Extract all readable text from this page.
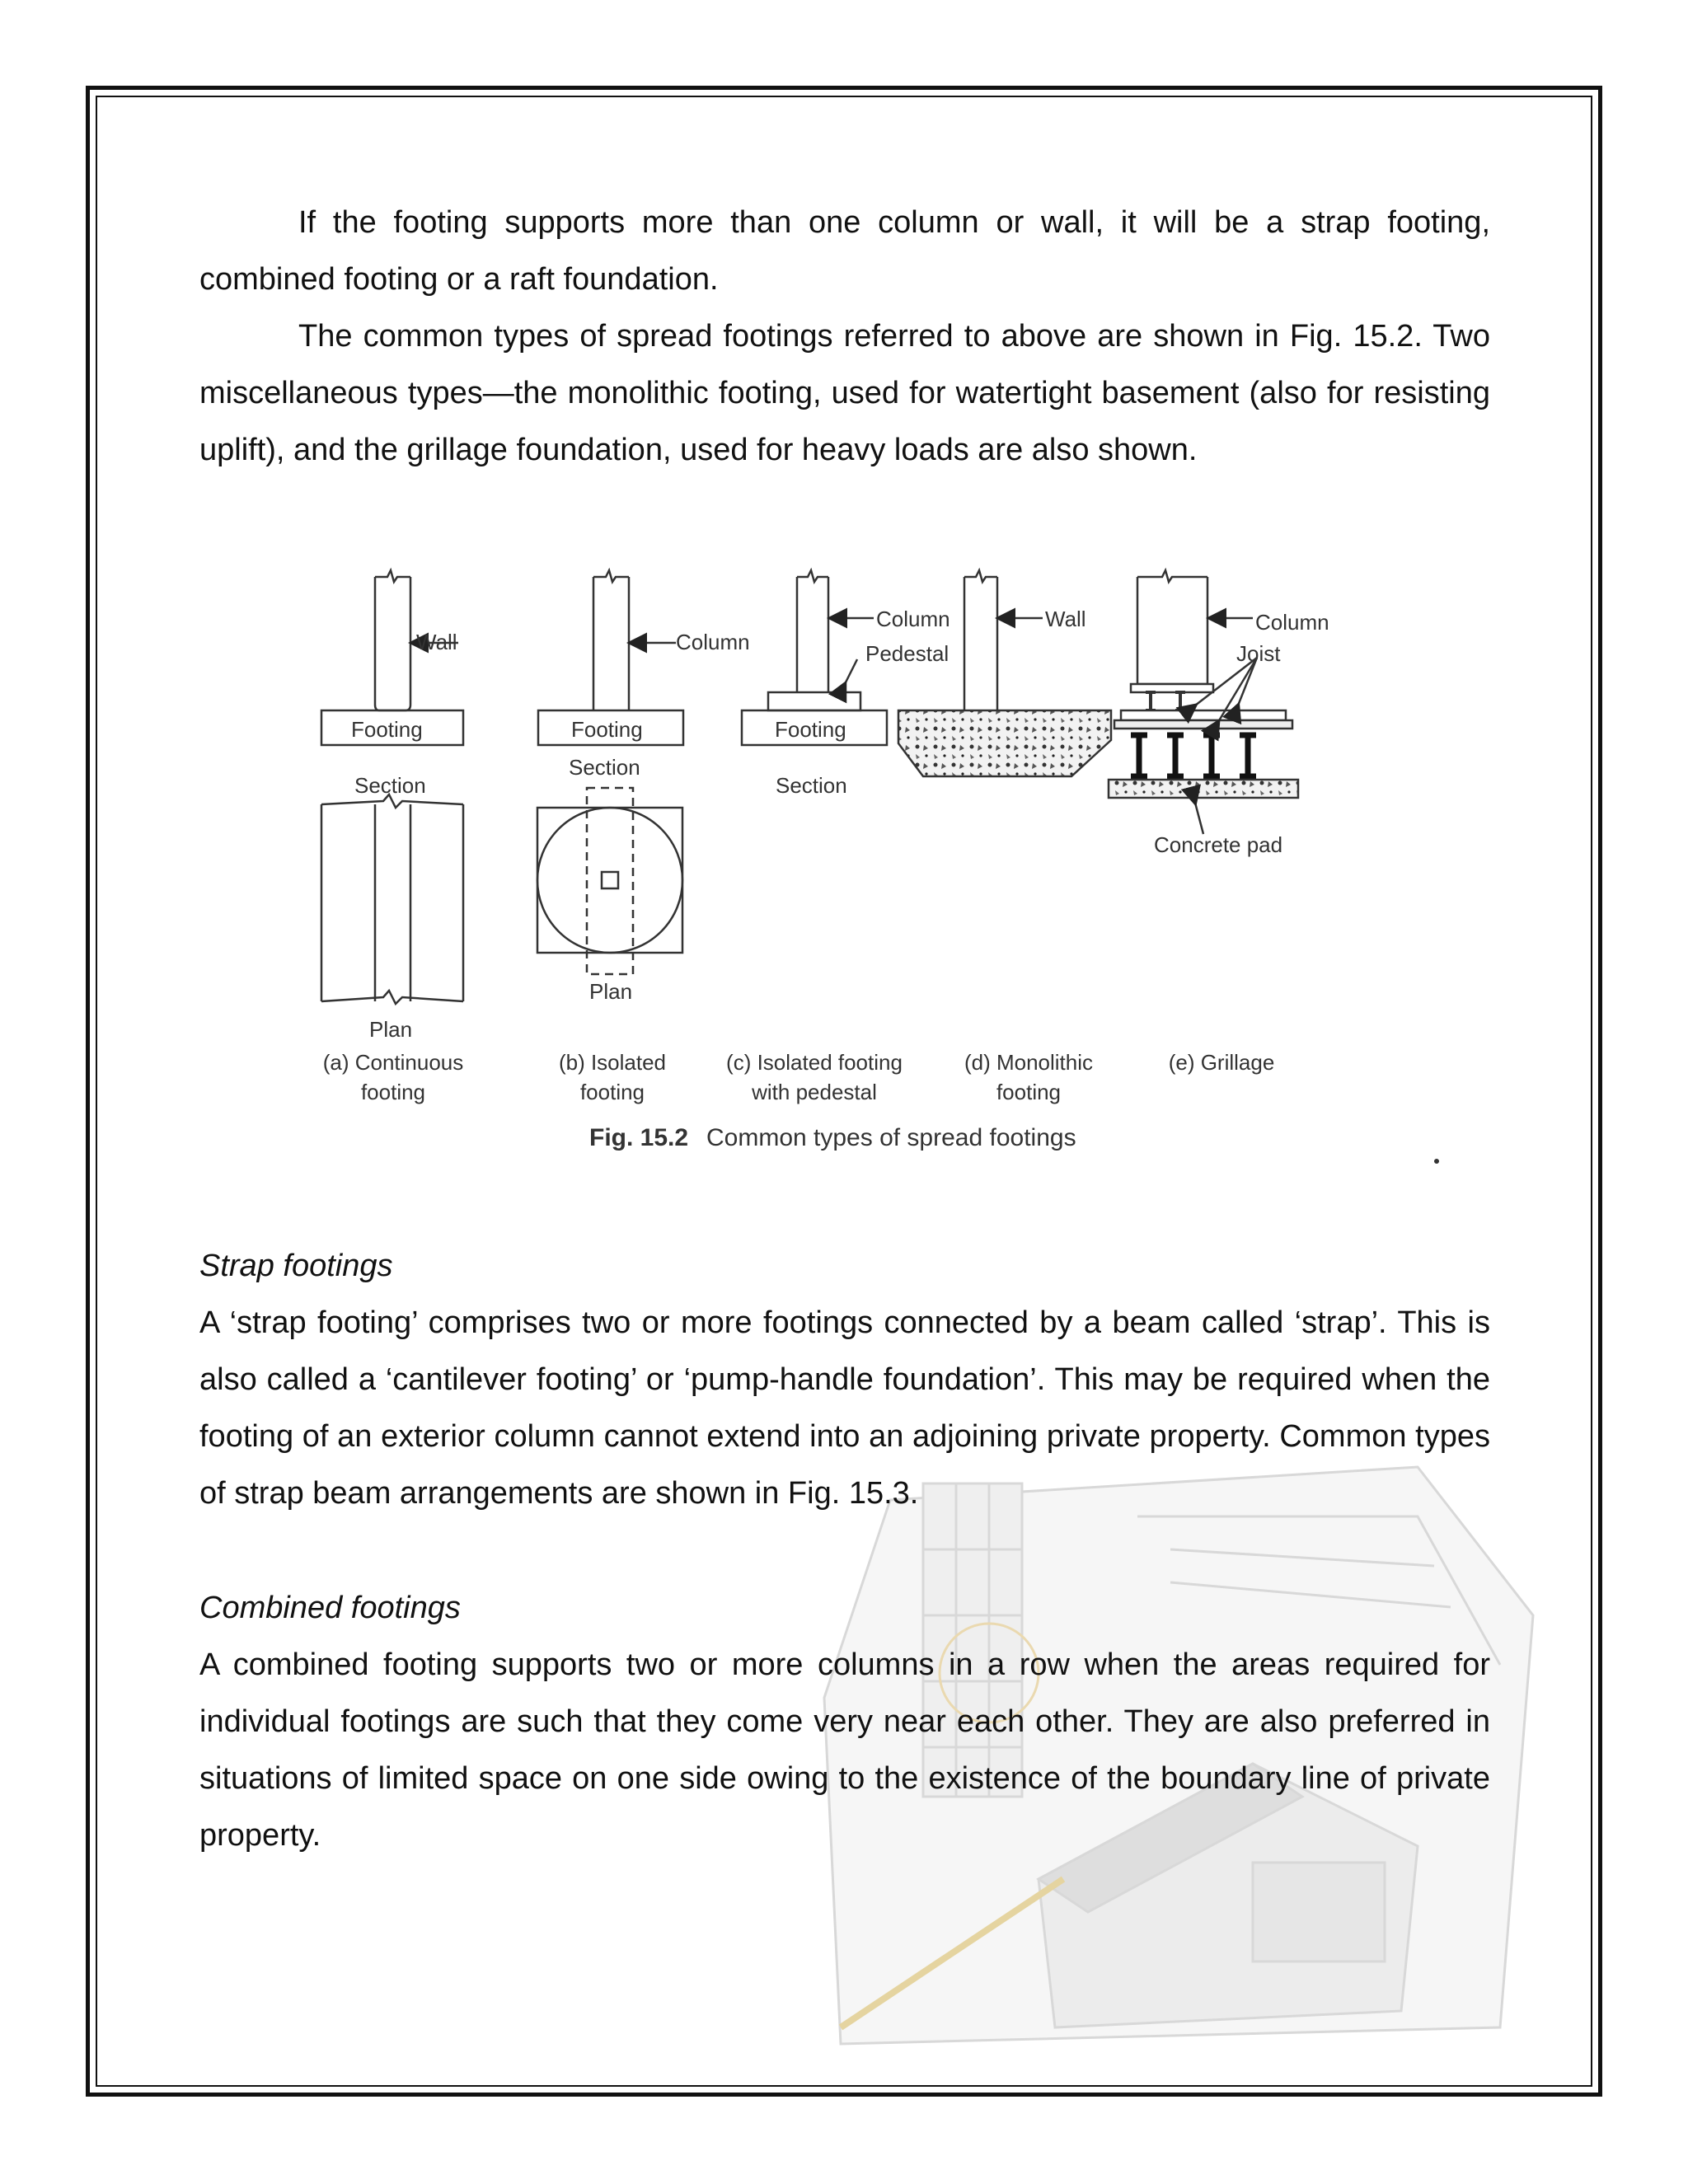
If the footing supports more than one column or wall, it will be a strap footing, combined footing or a raft foundation.

The common types of spread footings referred to above are shown in Fig. 15.2. Two miscellaneous types—the monolithic footing, used for watertight basement (also for resisting uplift), and the grillage foundation, used for heavy loads are also shown.

Wall
Footing
Section
Plan
Column
Footing
Section
Plan
Column
Pedestal
Footing
Section
Wall	Column
Joist
Concrete pad
(a) Continuous
footing
(b) Isolated
footing
(c) Isolated footing
with pedestal
(d) Monolithic
footing
(e) Grillage
Fig. 15.2 Common types of spread footings

Strap footings

A ‘strap footing’ comprises two or more footings connected by a beam called ‘strap’. This is also called a ‘cantilever footing’ or ‘pump-handle foundation’. This may be required when the footing of an exterior column cannot extend into an adjoining private property. Common types of strap beam arrangements are shown in Fig. 15.3.

Combined footings

A combined footing supports two or more columns in a row when the areas required for individual footings are such that they come very near each other. They are also preferred in situations of limited space on one side owing to the existence of the boundary line of private property.
